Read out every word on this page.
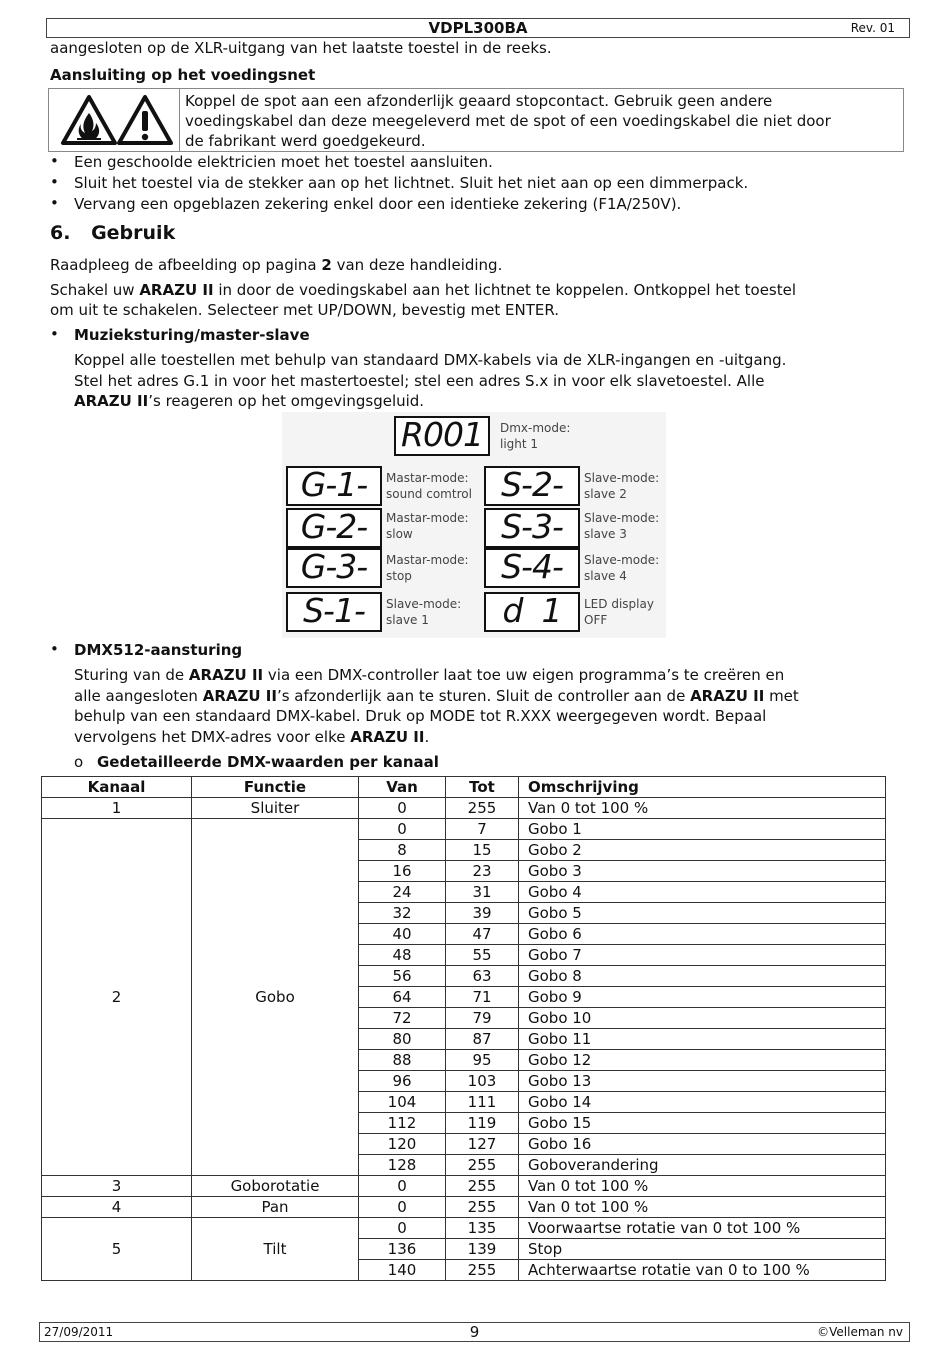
VDPL300BA	Rev. 01
aangesloten op de XLR-uitgang van het laatste toestel in de reeks.
Aansluiting op het voedingsnet
Koppel de spot aan een afzonderlijk geaard stopcontact. Gebruik geen andere
voedingskabel dan deze meegeleverd met de spot of een voedingskabel die niet door
de fabrikant werd goedgekeurd.
• Een geschoolde elektricien moet het toestel aansluiten.
• Sluit het toestel via de stekker aan op het lichtnet. Sluit het niet aan op een dimmerpack.
• Vervang een opgeblazen zekering enkel door een identieke zekering (F1A/250V).
6. Gebruik
Raadpleeg de afbeelding op pagina 2 van deze handleiding.
Schakel uw ARAZU II in door de voedingskabel aan het lichtnet te koppelen. Ontkoppel het toestel
om uit te schakelen. Selecteer met UP/DOWN, bevestig met ENTER.
• Muzieksturing/master-slave
Koppel alle toestellen met behulp van standaard DMX-kabels via de XLR-ingangen en -uitgang.
Stel het adres G.1 in voor het mastertoestel; stel een adres S.x in voor elk slavetoestel. Alle
ARAZU II’s reageren op het omgevingsgeluid.
R001	Dmx-mode:
light 1
G-1-	Mastar-mode:
sound comtrol S-2-	Slave-mode:
slave 2
G-2-	Mastar-mode:
slow	S-3-	Slave-mode:
slave 3
G-3-	Mastar-mode:
stop	S-4-	Slave-mode:
slave 4
S-1-	Slave-mode:
slave 1	d  1	LED display
OFF
• DMX512-aansturing
Sturing van de ARAZU II via een DMX-controller laat toe uw eigen programma’s te creëren en
alle aangesloten ARAZU II’s afzonderlijk aan te sturen. Sluit de controller aan de ARAZU II met
behulp van een standaard DMX-kabel. Druk op MODE tot R.XXX weergegeven wordt. Bepaal
vervolgens het DMX-adres voor elke ARAZU II.
o Gedetailleerde DMX-waarden per kanaal
Kanaal	Functie	Van	Tot	Omschrijving
1	Sluiter	0	255	Van 0 tot 100 %
2	Gobo	0	7	Gobo 1
		8	15	Gobo 2
		16	23	Gobo 3
		24	31	Gobo 4
		32	39	Gobo 5
		40	47	Gobo 6
		48	55	Gobo 7
		56	63	Gobo 8
		64	71	Gobo 9
		72	79	Gobo 10
		80	87	Gobo 11
		88	95	Gobo 12
		96	103	Gobo 13
		104	111	Gobo 14
		112	119	Gobo 15
		120	127	Gobo 16
		128	255	Goboverandering
3	Goborotatie	0	255	Van 0 tot 100 %
4	Pan	0	255	Van 0 tot 100 %
5	Tilt	0	135	Voorwaartse rotatie van 0 tot 100 %
		136	139	Stop
		140	255	Achterwaartse rotatie van 0 to 100 %
27/09/2011	9	©Velleman nv
